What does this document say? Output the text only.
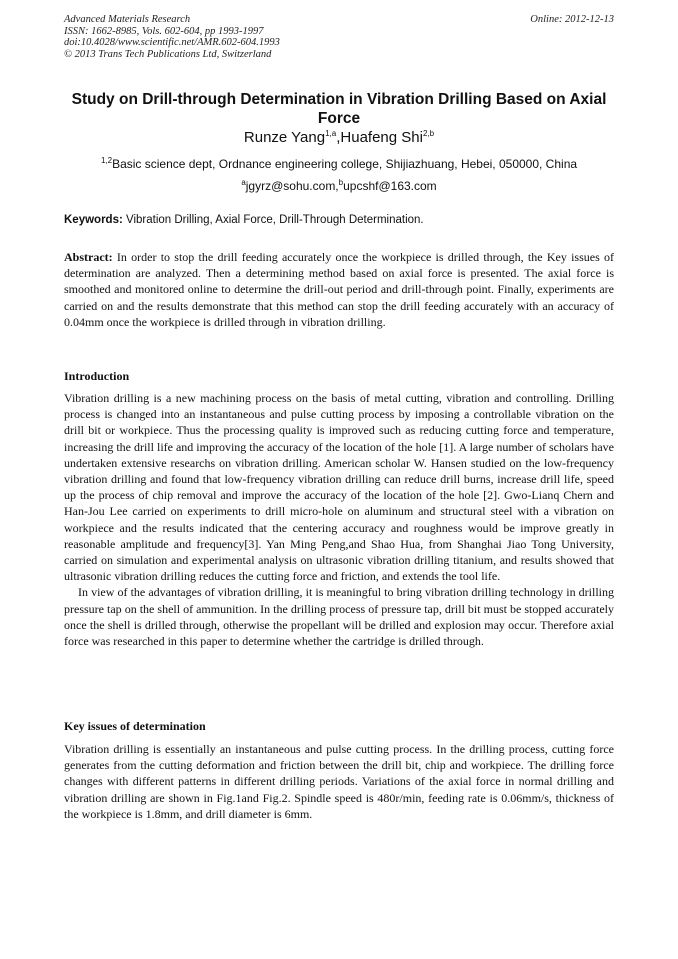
Advanced Materials Research
ISSN: 1662-8985, Vols. 602-604, pp 1993-1997
doi:10.4028/www.scientific.net/AMR.602-604.1993
© 2013 Trans Tech Publications Ltd, Switzerland
Online: 2012-12-13
Study on Drill-through Determination in Vibration Drilling Based on Axial Force
Runze Yang$^{1,a}$,Huafeng Shi$^{2,b}$
$^{1,2}$Basic science dept, Ordnance engineering college, Shijiazhuang, Hebei, 050000, China
$^a$jgyrz@sohu.com,$^b$upcshf@163.com
Keywords: Vibration Drilling, Axial Force, Drill-Through Determination.

Abstract: In order to stop the drill feeding accurately once the workpiece is drilled through, the Key issues of determination are analyzed. Then a determining method based on axial force is presented. The axial force is smoothed and monitored online to determine the drill-out period and drill-through point. Finally, experiments are carried on and the results demonstrate that this method can stop the drill feeding accurately with an accuracy of 0.04mm once the workpiece is drilled through in vibration drilling.

Introduction

Vibration drilling is a new machining process on the basis of metal cutting, vibration and controlling. Drilling process is changed into an instantaneous and pulse cutting process by imposing a controllable vibration on the drill bit or workpiece. Thus the processing quality is improved such as reducing cutting force and temperature, increasing the drill life and improving the accuracy of the location of the hole [1]. A large number of scholars have undertaken extensive researchs on vibration drilling. American scholar W. Hansen studied on the low-frequency vibration drilling and found that low-frequency vibration drilling can reduce drill burns, increase drill life, speed up the process of chip removal and improve the accuracy of the location of the hole [2]. Gwo-Lianq Chern and Han-Jou Lee carried on experiments to drill micro-hole on aluminum and structural steel with a vibration on workpiece and the results indicated that the centering accuracy and roughness would be improve greatly in reasonable amplitude and frequency[3]. Yan Ming Peng,and Shao Hua, from Shanghai Jiao Tong University, carried on simulation and experimental analysis on ultrasonic vibration drilling titanium, and results showed that ultrasonic vibration drilling reduces the cutting force and friction, and extends the tool life.

In view of the advantages of vibration drilling, it is meaningful to bring vibration drilling technology in drilling pressure tap on the shell of ammunition. In the drilling process of pressure tap, drill bit must be stopped accurately once the shell is drilled through, otherwise the propellant will be drilled and explosion may occur. Therefore axial force was researched in this paper to determine whether the cartridge is drilled through.

Key issues of determination

Vibration drilling is essentially an instantaneous and pulse cutting process. In the drilling process, cutting force generates from the cutting deformation and friction between the drill bit, chip and workpiece. The drilling force changes with different patterns in different drilling periods. Variations of the axial force in normal drilling and vibration drilling are shown in Fig.1and Fig.2. Spindle speed is 480r/min, feeding rate is 0.06mm/s, thickness of the workpiece is 1.8mm, and drill diameter is 6mm.
